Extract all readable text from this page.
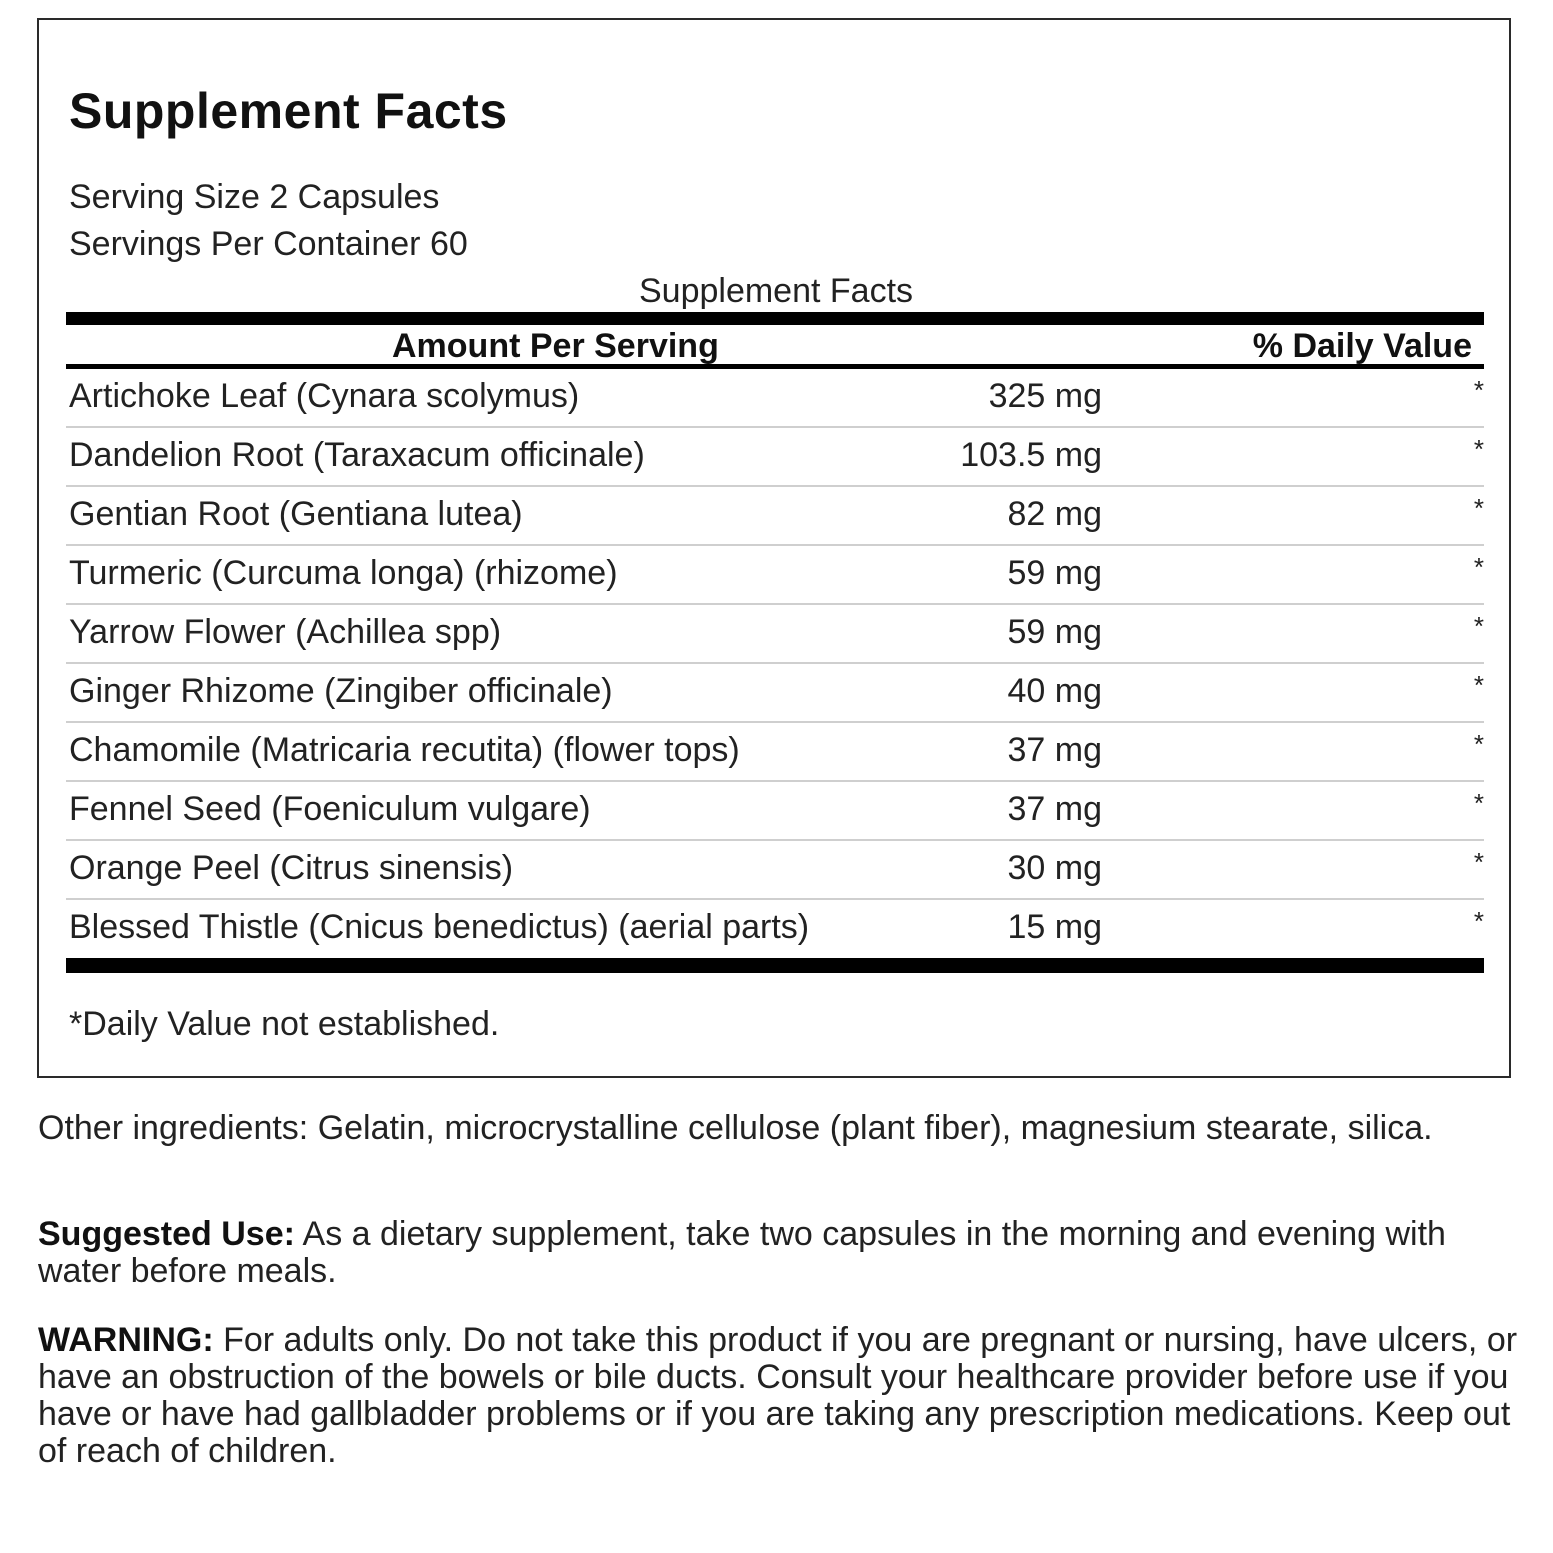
Supplement Facts
Serving Size 2 Capsules
Servings Per Container 60
Supplement Facts
Amount Per Serving	% Daily Value
Artichoke Leaf (Cynara scolymus)	325 mg	*
Dandelion Root (Taraxacum officinale)	103.5 mg	*
Gentian Root (Gentiana lutea)	82 mg	*
Turmeric (Curcuma longa) (rhizome)	59 mg	*
Yarrow Flower (Achillea spp)	59 mg	*
Ginger Rhizome (Zingiber officinale)	40 mg	*
Chamomile (Matricaria recutita) (flower tops)	37 mg	*
Fennel Seed (Foeniculum vulgare)	37 mg	*
Orange Peel (Citrus sinensis)	30 mg	*
Blessed Thistle (Cnicus benedictus) (aerial parts)	15 mg	*
*Daily Value not established.
Other ingredients: Gelatin, microcrystalline cellulose (plant fiber), magnesium stearate, silica.
Suggested Use: As a dietary supplement, take two capsules in the morning and evening with water before meals.
WARNING: For adults only. Do not take this product if you are pregnant or nursing, have ulcers, or have an obstruction of the bowels or bile ducts. Consult your healthcare provider before use if you have or have had gallbladder problems or if you are taking any prescription medications. Keep out of reach of children.
